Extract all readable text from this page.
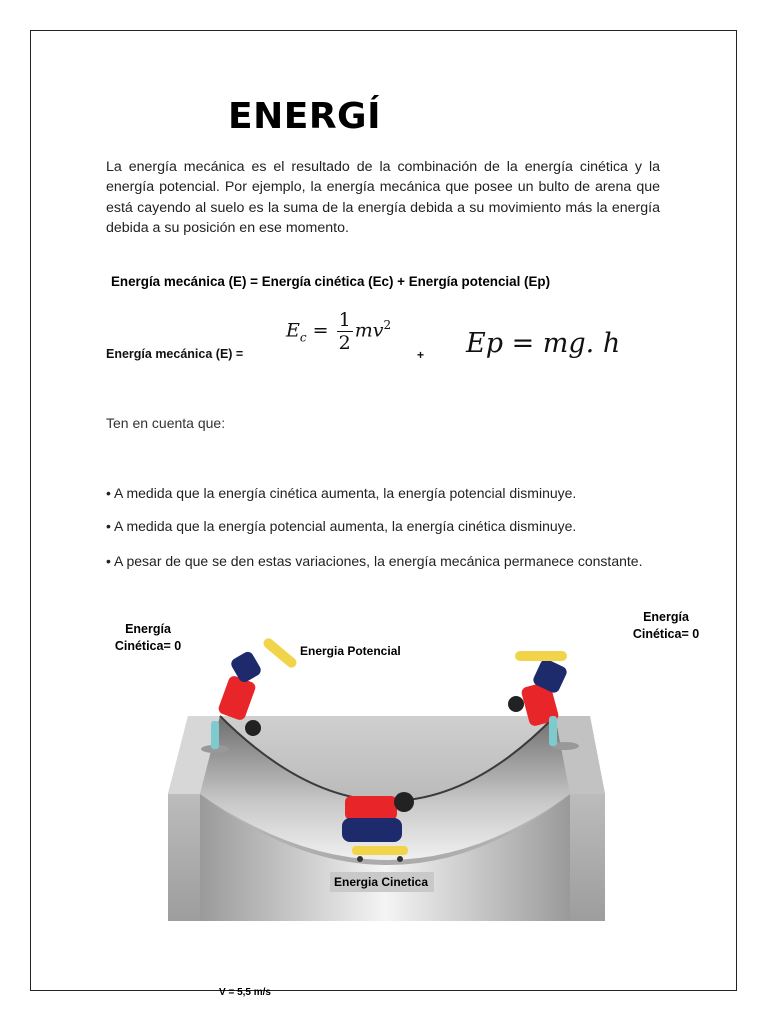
ENERGÍ
La energía mecánica es el resultado de la combinación de la energía cinética y la energía potencial. Por ejemplo, la energía mecánica que posee un bulto de arena que está cayendo al suelo es la suma de la energía debida a su movimiento más la energía debida a su posición en ese momento.
Energía mecánica (E) = Energía cinética (Ec) + Energía potencial (Ep)
Energía mecánica (E) =
$E_c = \frac{1}{2} mv^2$
+ Ep = mg. h
Ten en cuenta que:
• A medida que la energía cinética aumenta, la energía potencial disminuye.
• A medida que la energía potencial aumenta, la energía cinética disminuye.
• A pesar de que se den estas variaciones, la energía mecánica permanece constante.
Energía
Cinética= 0
Energía
Cinética= 0
Energia Potencial
Energia Cinetica
V = 5,5 m/s
